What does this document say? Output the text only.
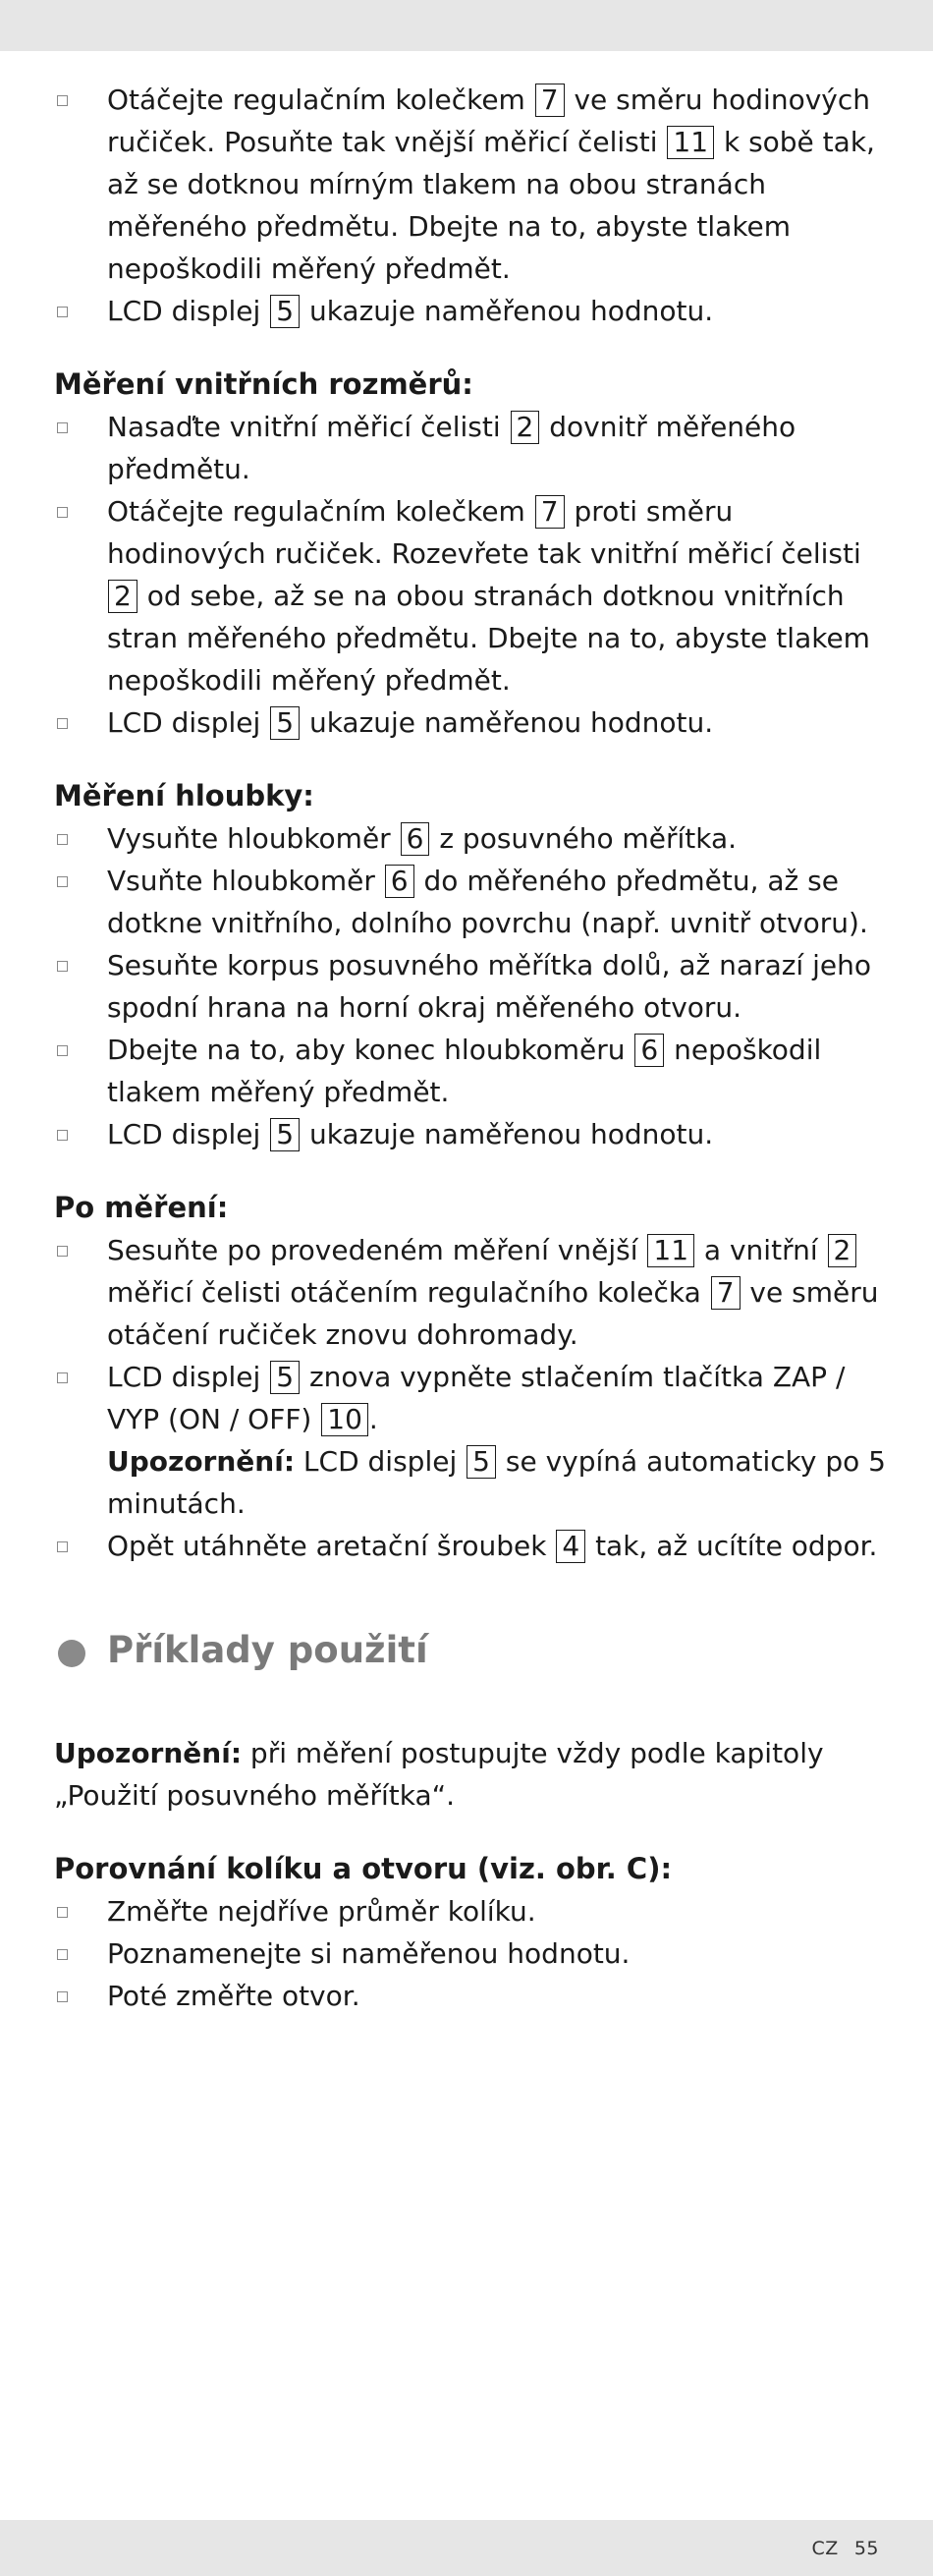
Otáčejte regulačním kolečkem 7 ve směru hodinových ručiček. Posuňte tak vnější měřicí čelisti 11 k sobě tak, až se dotknou mírným tlakem na obou stranách měřeného předmětu. Dbejte na to, abyste tlakem nepoškodili měřený předmět.
LCD displej 5 ukazuje naměřenou hodnotu.
Měření vnitřních rozměrů:
Nasaďte vnitřní měřicí čelisti 2 dovnitř měřeného předmětu.
Otáčejte regulačním kolečkem 7 proti směru hodinových ručiček. Rozevřete tak vnitřní měřicí čelisti 2 od sebe, až se na obou stranách dotknou vnitřních stran měřeného předmětu. Dbejte na to, abyste tlakem nepoškodili měřený předmět.
LCD displej 5 ukazuje naměřenou hodnotu.
Měření hloubky:
Vysuňte hloubkoměr 6 z posuvného měřítka.
Vsuňte hloubkoměr 6 do měřeného předmětu, až se dotkne vnitřního, dolního povrchu (např. uvnitř otvoru).
Sesuňte korpus posuvného měřítka dolů, až narazí jeho spodní hrana na horní okraj měřeného otvoru.
Dbejte na to, aby konec hloubkoměru 6 nepoškodil tlakem měřený předmět.
LCD displej 5 ukazuje naměřenou hodnotu.
Po měření:
Sesuňte po provedeném měření vnější 11 a vnitřní 2 měřicí čelisti otáčením regulačního kolečka 7 ve směru otáčení ručiček znovu dohromady.
LCD displej 5 znova vypněte stlačením tlačítka ZAP / VYP (ON / OFF) 10 .
Upozornění: LCD displej 5 se vypíná automaticky po 5 minutách.
Opět utáhněte aretační šroubek 4 tak, až ucítíte odpor.
Příklady použití
Upozornění: při měření postupujte vždy podle kapitoly „Použití posuvného měřítka“.
Porovnání kolíku a otvoru (viz. obr. C):
Změřte nejdříve průměr kolíku.
Poznamenejte si naměřenou hodnotu.
Poté změřte otvor.
CZ 55
